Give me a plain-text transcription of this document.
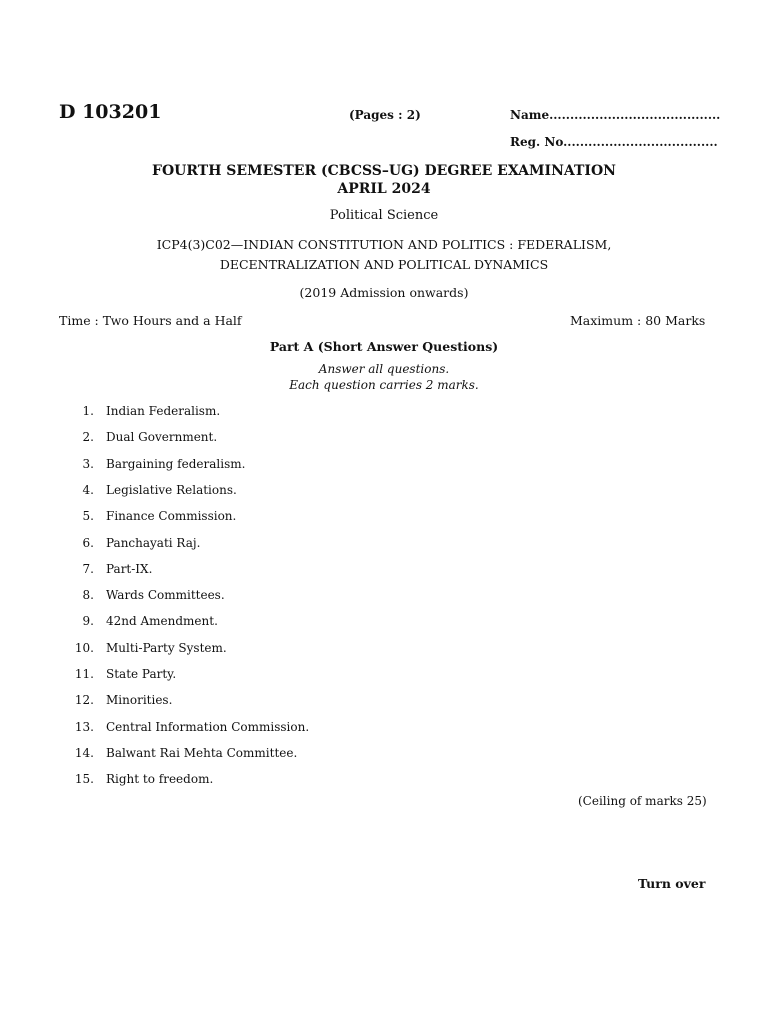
D 103201	(Pages : 2)	Name.........................................
Reg. No.....................................
FOURTH SEMESTER (CBCSS–UG) DEGREE EXAMINATION
APRIL 2024
Political Science
ICP4(3)C02—INDIAN CONSTITUTION AND POLITICS : FEDERALISM,
DECENTRALIZATION AND POLITICAL DYNAMICS
(2019 Admission onwards)
Time : Two Hours and a Half	Maximum : 80 Marks
Part A (Short Answer Questions)
Answer all questions.
Each question carries 2 marks.
1. Indian Federalism.
2. Dual Government.
3. Bargaining federalism.
4. Legislative Relations.
5. Finance Commission.
6. Panchayati Raj.
7. Part-IX.
8. Wards Committees.
9. 42nd Amendment.
10. Multi-Party System.
11. State Party.
12. Minorities.
13. Central Information Commission.
14. Balwant Rai Mehta Committee.
15. Right to freedom.
(Ceiling of marks 25)
Turn over
